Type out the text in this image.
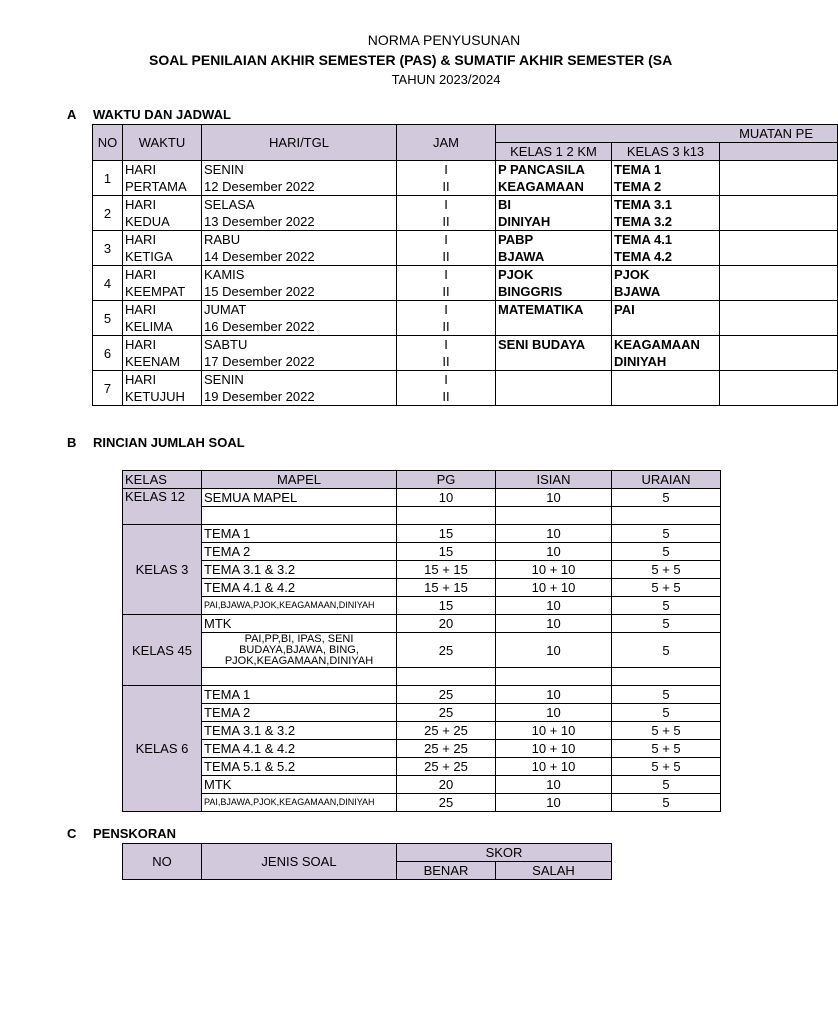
NORMA PENYUSUNAN
SOAL PENILAIAN AKHIR SEMESTER (PAS) & SUMATIF AKHIR SEMESTER (SA
TAHUN 2023/2024
A WAKTU DAN JADWAL
NO	WAKTU	HARI/TGL	JAM	MUATAN PE		
				KELAS 1 2 KM	KELAS 3 k13	
1	HARI	SENIN	I	P PANCASILA	TEMA 1	
	PERTAMA	12 Desember 2022	II	KEAGAMAAN	TEMA 2	
2	HARI	SELASA	I	BI	TEMA 3.1	
	KEDUA	13 Desember 2022	II	DINIYAH	TEMA 3.2	
3	HARI	RABU	I	PABP	TEMA 4.1	
	KETIGA	14 Desember 2022	II	BJAWA	TEMA 4.2	
4	HARI	KAMIS	I	PJOK	PJOK	
	KEEMPAT	15 Desember 2022	II	BINGGRIS	BJAWA	
5	HARI	JUMAT	I	MATEMATIKA	PAI	
	KELIMA	16 Desember 2022	II			
6	HARI	SABTU	I	SENI BUDAYA	KEAGAMAAN	
	KEENAM	17 Desember 2022	II		DINIYAH	
7	HARI	SENIN	I			
	KETUJUH	19 Desember 2022	II			
B RINCIAN JUMLAH SOAL
KELAS	MAPEL	PG	ISIAN	URAIAN
KELAS 12	SEMUA MAPEL	10	10	5

KELAS 3	TEMA 1	15	10	5
	TEMA 2	15	10	5
	TEMA 3.1 & 3.2	15 + 15	10 + 10	5 + 5
	TEMA 4.1 & 4.2	15 + 15	10 + 10	5 + 5
	PAI,BJAWA,PJOK,KEAGAMAAN,DINIYAH	15	10	5
KELAS 45	MTK	20	10	5
	PAI,PP,BI, IPAS, SENI BUDAYA,BJAWA, BING, PJOK,KEAGAMAAN,DINIYAH	25	10	5

KELAS 6	TEMA 1	25	10	5
	TEMA 2	25	10	5
	TEMA 3.1 & 3.2	25 + 25	10 + 10	5 + 5
	TEMA 4.1 & 4.2	25 + 25	10 + 10	5 + 5
	TEMA 5.1 & 5.2	25 + 25	10 + 10	5 + 5
	MTK	20	10	5
	PAI,BJAWA,PJOK,KEAGAMAAN,DINIYAH	25	10	5
C PENSKORAN
NO	JENIS SOAL	SKOR	
		BENAR	SALAH
